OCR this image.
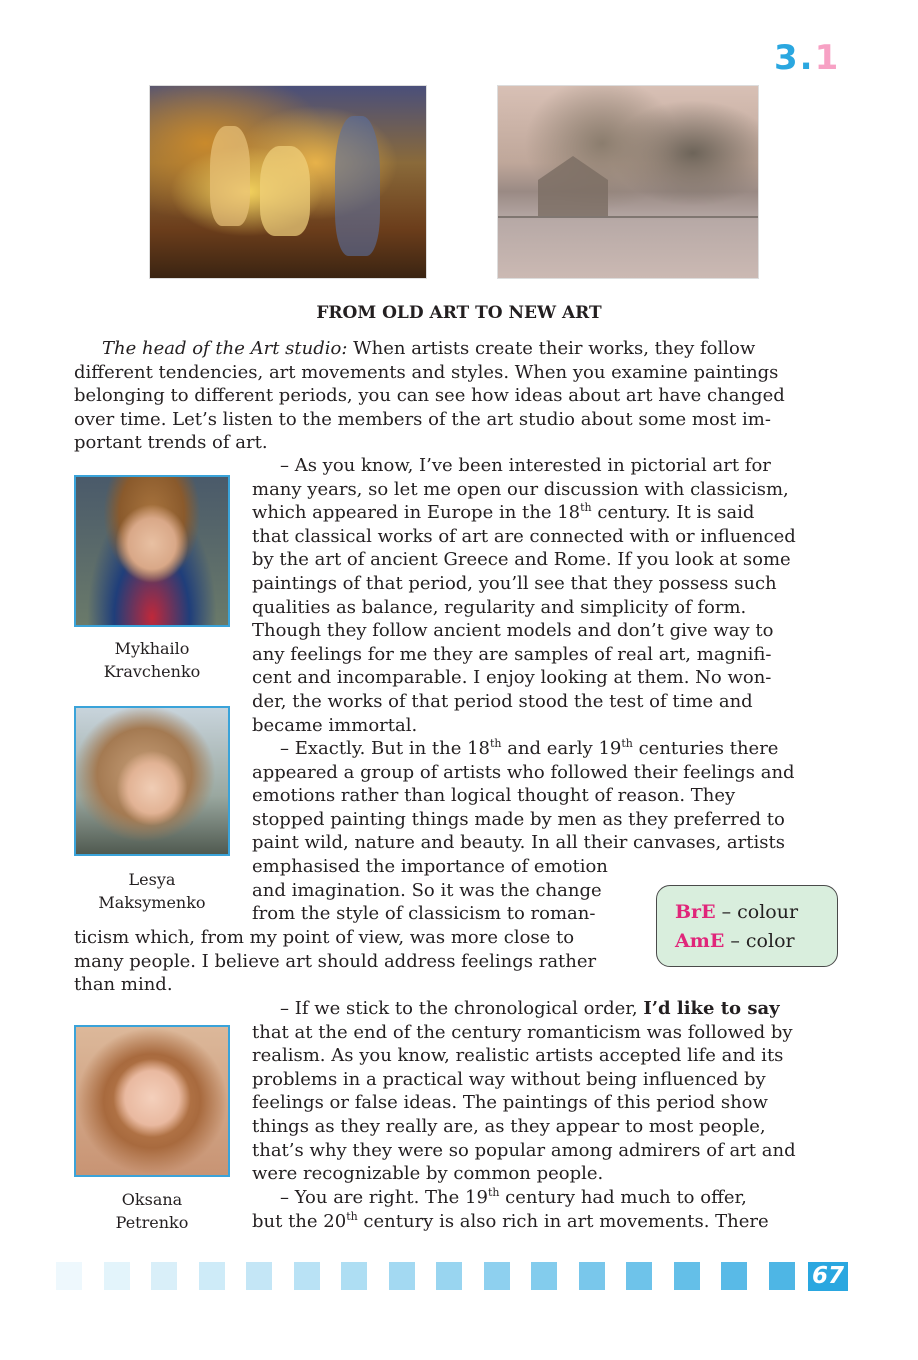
3.1
FROM OLD ART TO NEW ART
The head of the Art studio: When artists create their works, they follow
different tendencies, art movements and styles. When you examine paintings
belonging to different periods, you can see how ideas about art have changed
over time. Let’s listen to the members of the art studio about some most im-
portant trends of art.
Mykhailo
Kravchenko
Lesya
Maksymenko
Oksana
Petrenko
– As you know, I’ve been interested in pictorial art for
many years, so let me open our discussion with classicism,
which appeared in Europe in the 18th century. It is said
that classical works of art are connected with or influenced
by the art of ancient Greece and Rome. If you look at some
paintings of that period, you’ll see that they possess such
qualities as balance, regularity and simplicity of form.
Though they follow ancient models and don’t give way to
any feelings for me they are samples of real art, magnifi-
cent and incomparable. I enjoy looking at them. No won-
der, the works of that period stood the test of time and
became immortal.
– Exactly. But in the 18th and early 19th centuries there
appeared a group of artists who followed their feelings and
emotions rather than logical thought of reason. They
stopped painting things made by men as they preferred to
paint wild, nature and beauty. In all their canvases, artists
emphasised the importance of emotion
and imagination. So it was the change
from the style of classicism to roman-
ticism which, from my point of view, was more close to
many people. I believe art should address feelings rather
than mind.
BrE – colour
AmE – color
– If we stick to the chronological order, I’d like to say
that at the end of the century romanticism was followed by
realism. As you know, realistic artists accepted life and its
problems in a practical way without being influenced by
feelings or false ideas. The paintings of this period show
things as they really are, as they appear to most people,
that’s why they were so popular among admirers of art and
were recognizable by common people.
– You are right. The 19th century had much to offer,
but the 20th century is also rich in art movements. There
67
